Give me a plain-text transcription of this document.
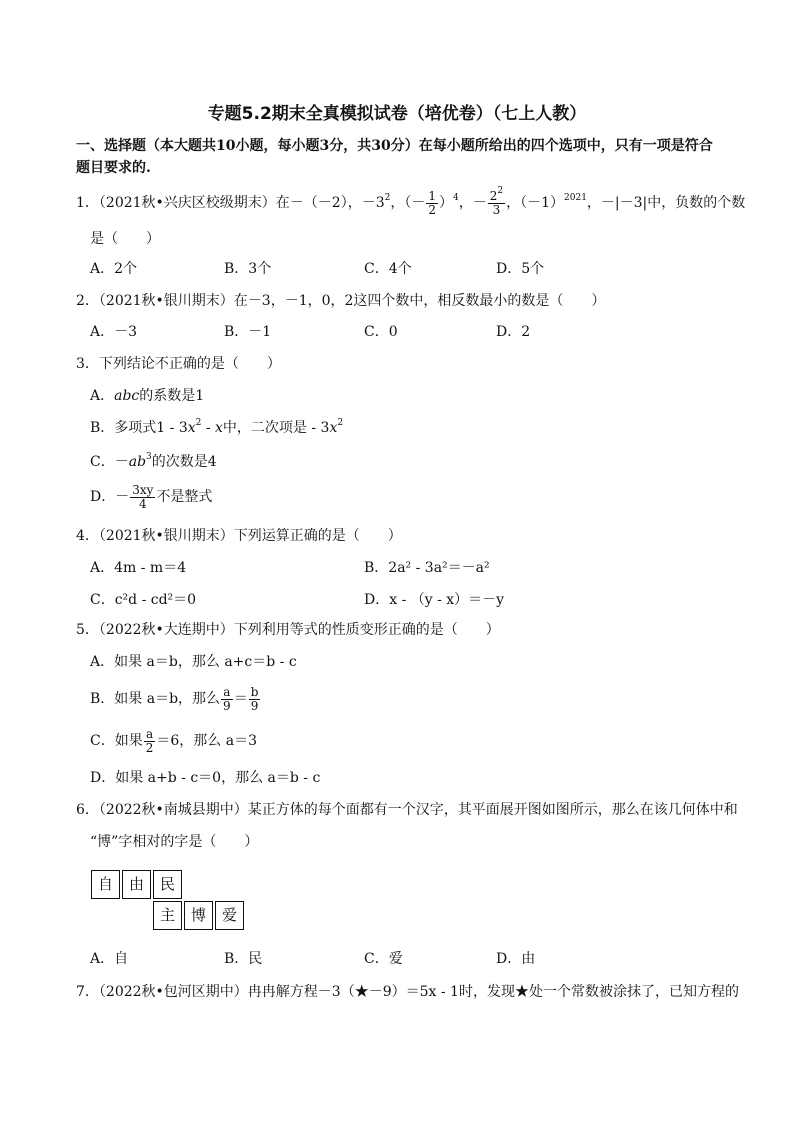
专题5.2期末全真模拟试卷（培优卷）（七上人教）
一、选择题（本大题共10小题，每小题3分，共30分）在每小题所给出的四个选项中，只有一项是符合
题目要求的.
1．（2021秋•兴庆区校级期末）在－（－2），$-3^2$，（－ $\frac{1}{2} )^4$，－ $\frac{2^2}{3}$ ，$(-1)^{2021}$，－|－3|中，负数的个数
是（　　）
A．2个	B．3个	C．4个	D．5个
2．（2021秋•银川期末）在－3，－1，0，2这四个数中，相反数最小的数是（　　）
A．－3	B．－1	C．0	D．2
3．下列结论不正确的是（　　）
A．abc的系数是1
B．多项式$1 - 3x^2$ - x中，二次项是 - $3x^2$
C．$-ab^3$的次数是4
D．－ $\frac{3xy}{4}$ 不是整式
4．（2021秋•银川期末）下列运算正确的是（　　）
A．4m - m＝4	B．2a² - 3a²＝－a²
C．c²d - cd²＝0	D．x - （y - x）＝－y
5．（2022秋•大连期中）下列利用等式的性质变形正确的是（　　）
A．如果 a＝b，那么 a+c＝b - c
B．如果 a＝b，那么 $\frac{a}{9} = \frac{b}{9}$
C．如果 $\frac{a}{2} =6$，那么 a＝3
D．如果 a+b - c＝0，那么 a＝b - c
6．（2022秋•南城县期中）某正方体的每个面都有一个汉字，其平面展开图如图所示，那么在该几何体中和
“博”字相对的字是（　　）
自	由	民
主	博	爱
A．自	B．民	C．爱	D．由
7．（2022秋•包河区期中）冉冉解方程－3（★－9）＝5x - 1时，发现★处一个常数被涂抹了，已知方程的
